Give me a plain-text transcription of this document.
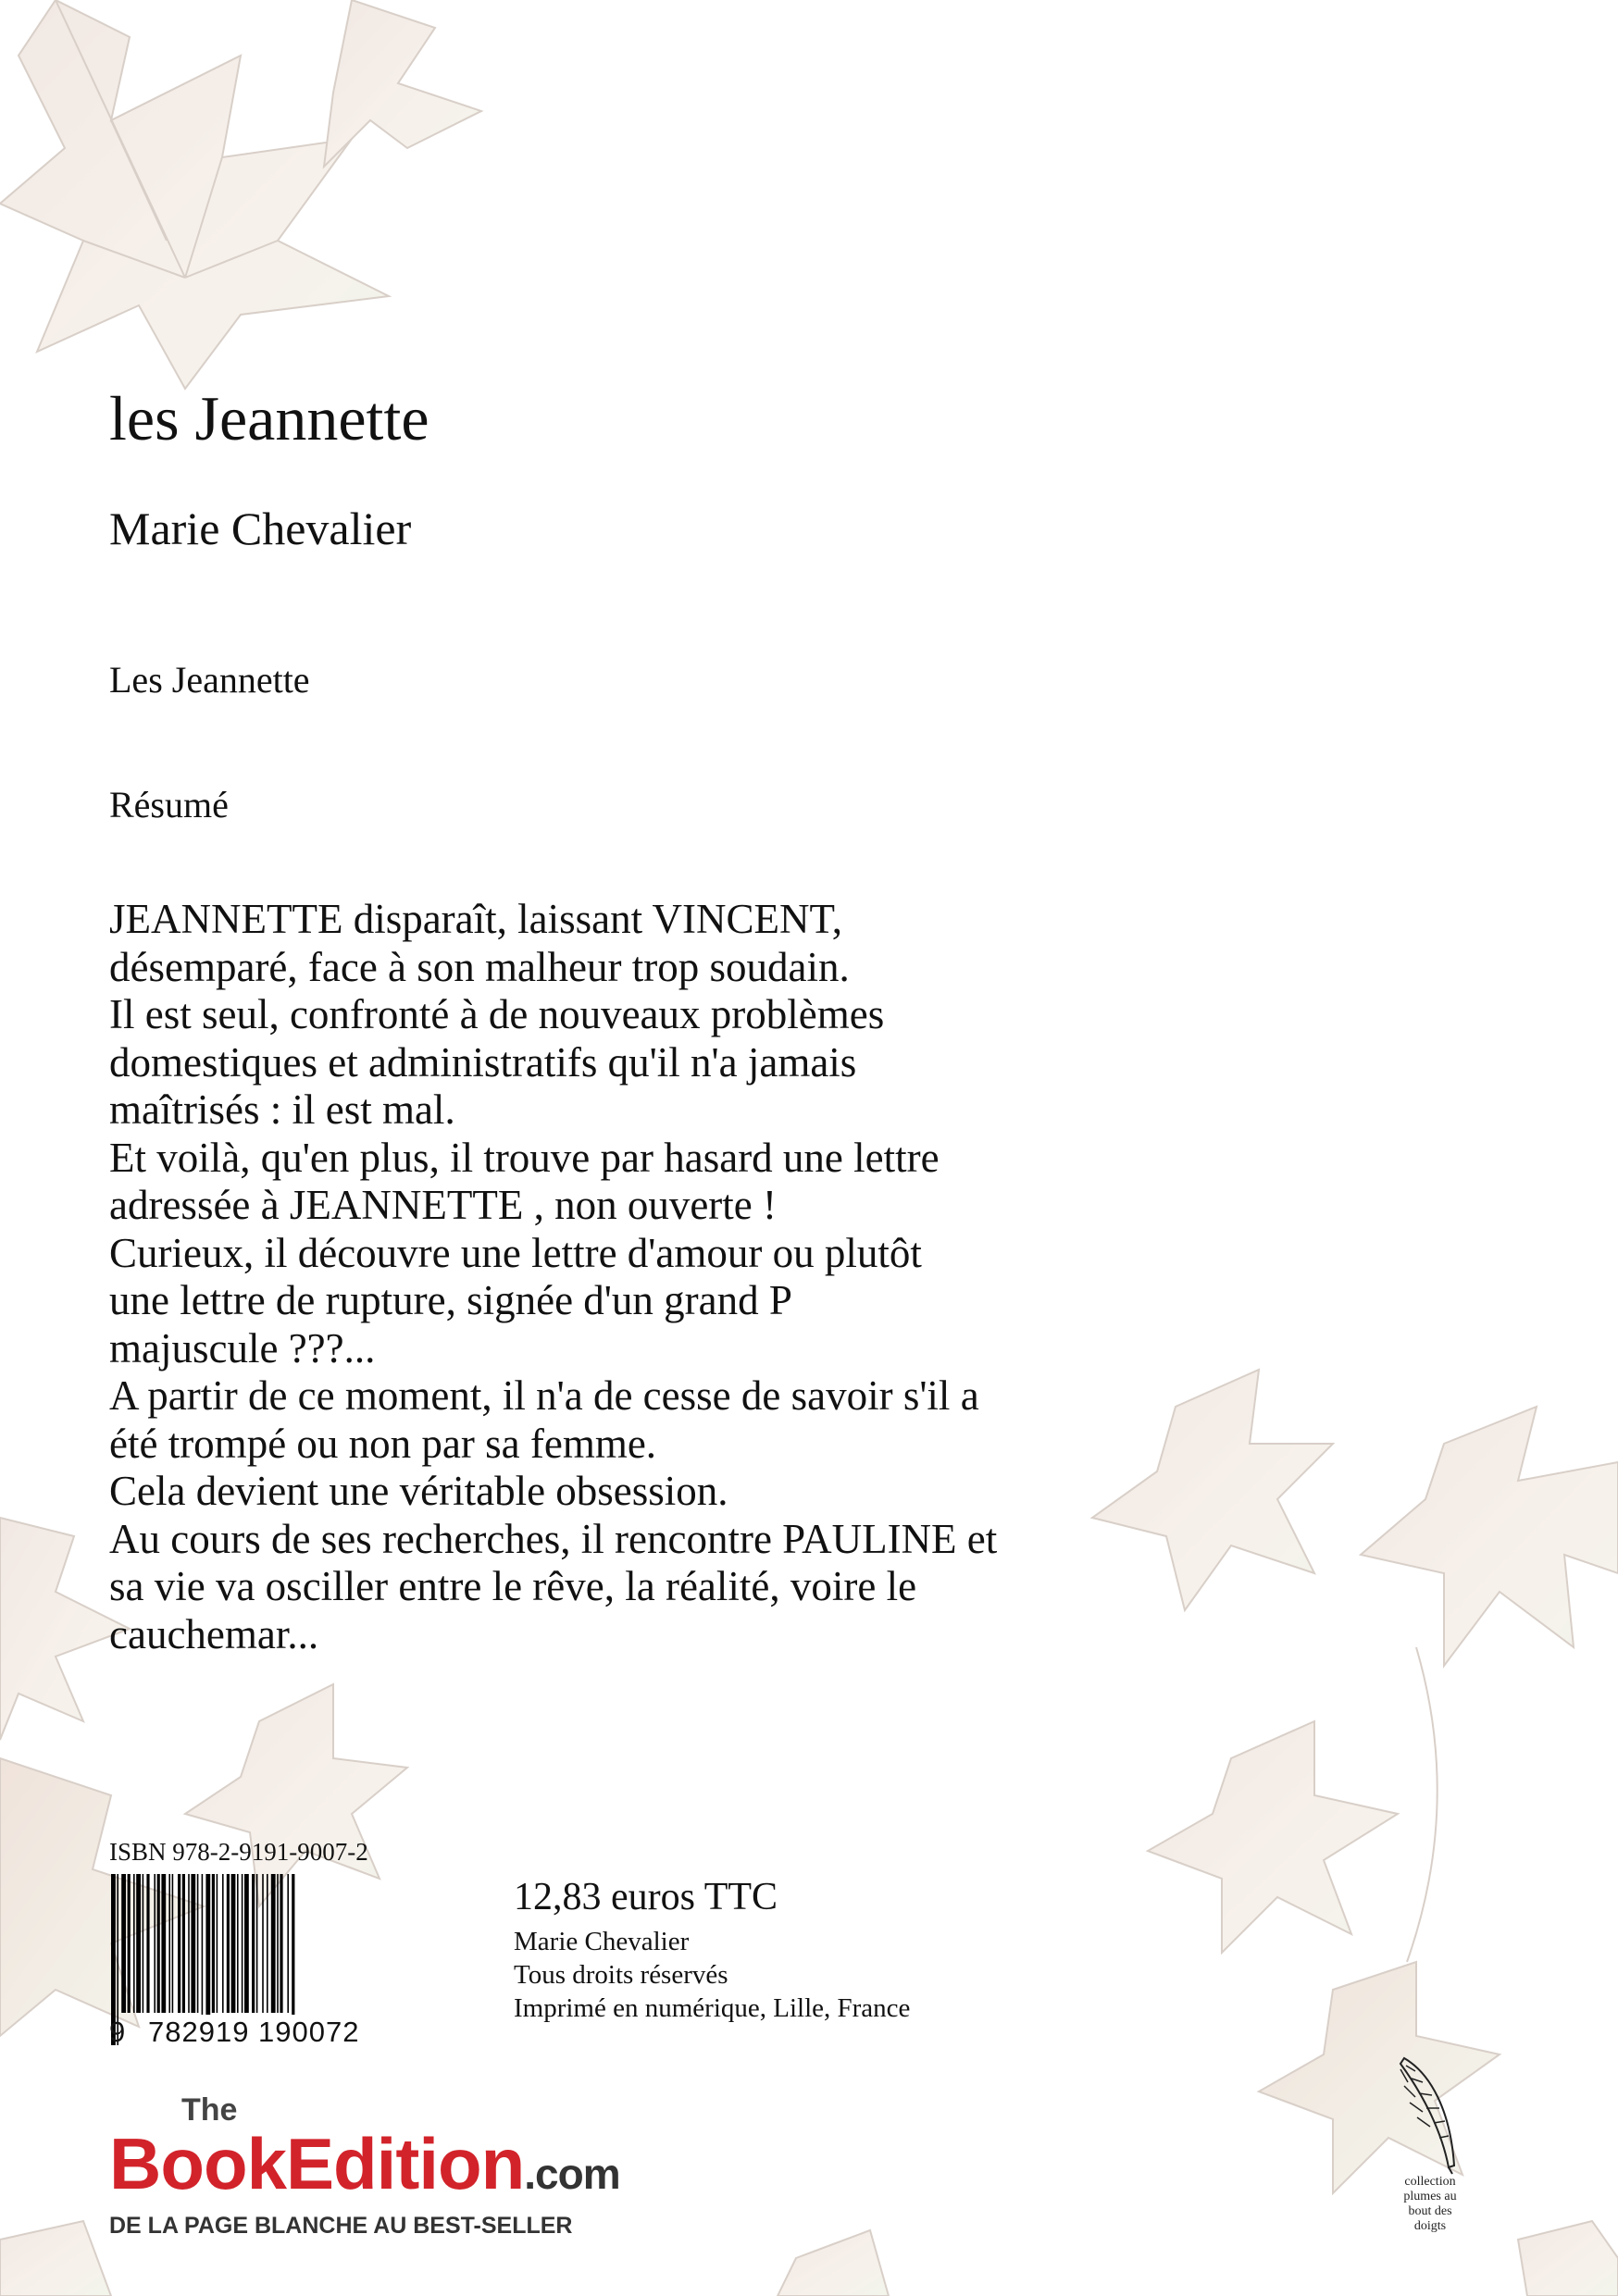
les Jeannette
Marie Chevalier
Les Jeannette
Résumé
JEANNETTE disparaît, laissant VINCENT,
désemparé, face à son malheur trop soudain.
Il est seul, confronté à de nouveaux problèmes
domestiques et administratifs qu'il n'a jamais
maîtrisés : il est mal.
Et voilà, qu'en plus, il trouve par hasard une lettre
adressée à JEANNETTE , non ouverte !
Curieux, il découvre une lettre d'amour ou plutôt
une lettre de rupture, signée d'un grand P
majuscule ???...
A partir de ce moment, il n'a de cesse de savoir s'il a
été trompé ou non par sa femme.
Cela devient une véritable obsession.
Au cours de ses recherches, il rencontre PAULINE et
sa vie va osciller entre le rêve, la réalité, voire le
cauchemar...
ISBN 978-2-9191-9007-2
9 782919 190072
12,83 euros TTC
Marie Chevalier
Tous droits réservés
Imprimé en numérique, Lille, France
The
BookEdition.com
DE LA PAGE BLANCHE AU BEST-SELLER
collection
plumes au
bout des
doigts
